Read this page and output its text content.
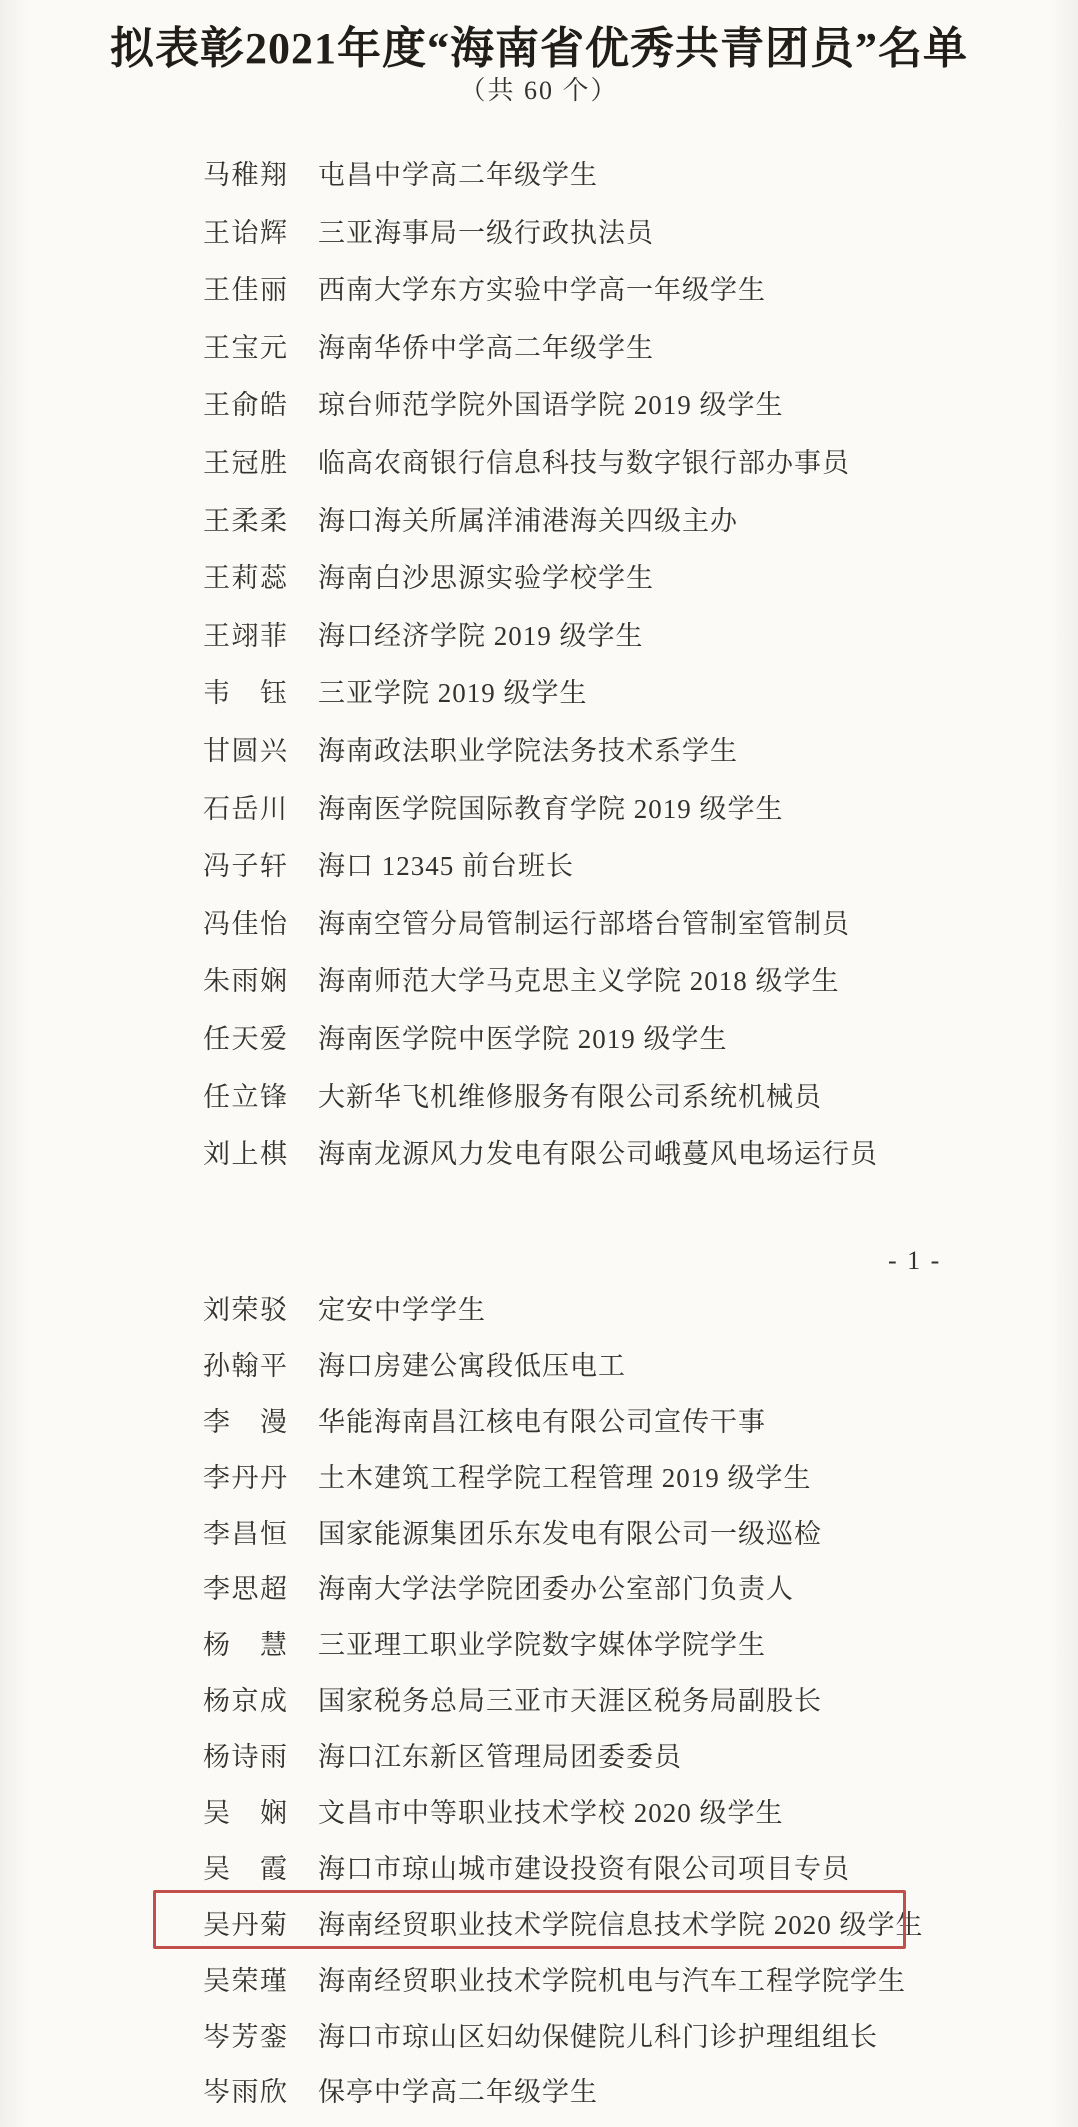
拟表彰2021年度“海南省优秀共青团员”名单
（共 60 个）
马稚翔 屯昌中学高二年级学生
王诒辉 三亚海事局一级行政执法员
王佳丽 西南大学东方实验中学高一年级学生
王宝元 海南华侨中学高二年级学生
王俞皓 琼台师范学院外国语学院 2019 级学生
王冠胜 临高农商银行信息科技与数字银行部办事员
王柔柔 海口海关所属洋浦港海关四级主办
王莉蕊 海南白沙思源实验学校学生
王翊菲 海口经济学院 2019 级学生
韦　钰 三亚学院 2019 级学生
甘圆兴 海南政法职业学院法务技术系学生
石岳川 海南医学院国际教育学院 2019 级学生
冯子轩 海口 12345 前台班长
冯佳怡 海南空管分局管制运行部塔台管制室管制员
朱雨娴 海南师范大学马克思主义学院 2018 级学生
任天爱 海南医学院中医学院 2019 级学生
任立锋 大新华飞机维修服务有限公司系统机械员
刘上棋 海南龙源风力发电有限公司峨蔓风电场运行员
- 1 -
刘荣驳 定安中学学生
孙翰平 海口房建公寓段低压电工
李　漫 华能海南昌江核电有限公司宣传干事
李丹丹 土木建筑工程学院工程管理 2019 级学生
李昌恒 国家能源集团乐东发电有限公司一级巡检
李思超 海南大学法学院团委办公室部门负责人
杨　慧 三亚理工职业学院数字媒体学院学生
杨京成 国家税务总局三亚市天涯区税务局副股长
杨诗雨 海口江东新区管理局团委委员
吴　娴 文昌市中等职业技术学校 2020 级学生
吴　霞 海口市琼山城市建设投资有限公司项目专员
吴丹菊 海南经贸职业技术学院信息技术学院 2020 级学生
吴荣瑾 海南经贸职业技术学院机电与汽车工程学院学生
岑芳銮 海口市琼山区妇幼保健院儿科门诊护理组组长
岑雨欣 保亭中学高二年级学生
